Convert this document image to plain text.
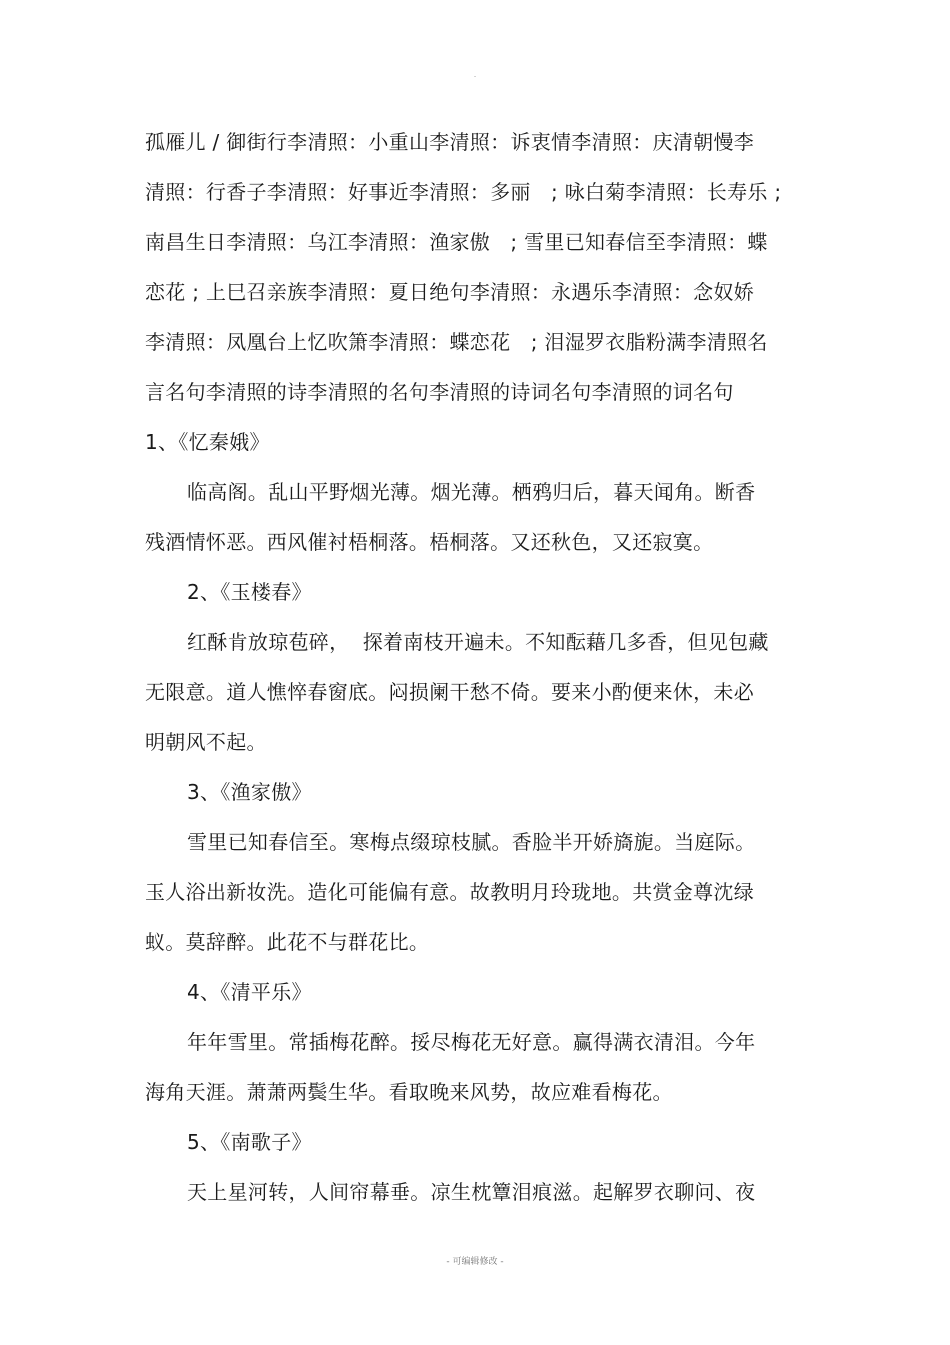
.
孤雁儿 / 御街行李清照：小重山李清照：诉衷情李清照：庆清朝慢李
清照：行香子李清照：好事近李清照：多丽　; 咏白菊李清照：长寿乐 ;
南昌生日李清照：乌江李清照：渔家傲　; 雪里已知春信至李清照：蝶
恋花 ; 上巳召亲族李清照：夏日绝句李清照：永遇乐李清照：念奴娇
李清照：凤凰台上忆吹箫李清照：蝶恋花　; 泪湿罗衣脂粉满李清照名
言名句李清照的诗李清照的名句李清照的诗词名句李清照的词名句
1、《忆秦娥》
临高阁。乱山平野烟光薄。烟光薄。栖鸦归后，暮天闻角。断香
残酒情怀恶。西风催衬梧桐落。梧桐落。又还秋色，又还寂寞。
2、《玉楼春》
红酥肯放琼苞碎，  探着南枝开遍未。不知酝藉几多香，但见包藏
无限意。道人憔悴春窗底。闷损阑干愁不倚。要来小酌便来休，未必
明朝风不起。
3、《渔家傲》
雪里已知春信至。寒梅点缀琼枝腻。香脸半开娇旖旎。当庭际。
玉人浴出新妆洗。造化可能偏有意。故教明月玲珑地。共赏金尊沈绿
蚁。莫辞醉。此花不与群花比。
4、《清平乐》
年年雪里。常插梅花醉。挼尽梅花无好意。赢得满衣清泪。今年
海角天涯。萧萧两鬓生华。看取晚来风势，故应难看梅花。
5、《南歌子》
天上星河转，人间帘幕垂。凉生枕簟泪痕滋。起解罗衣聊问、夜
- 可编辑修改 -
